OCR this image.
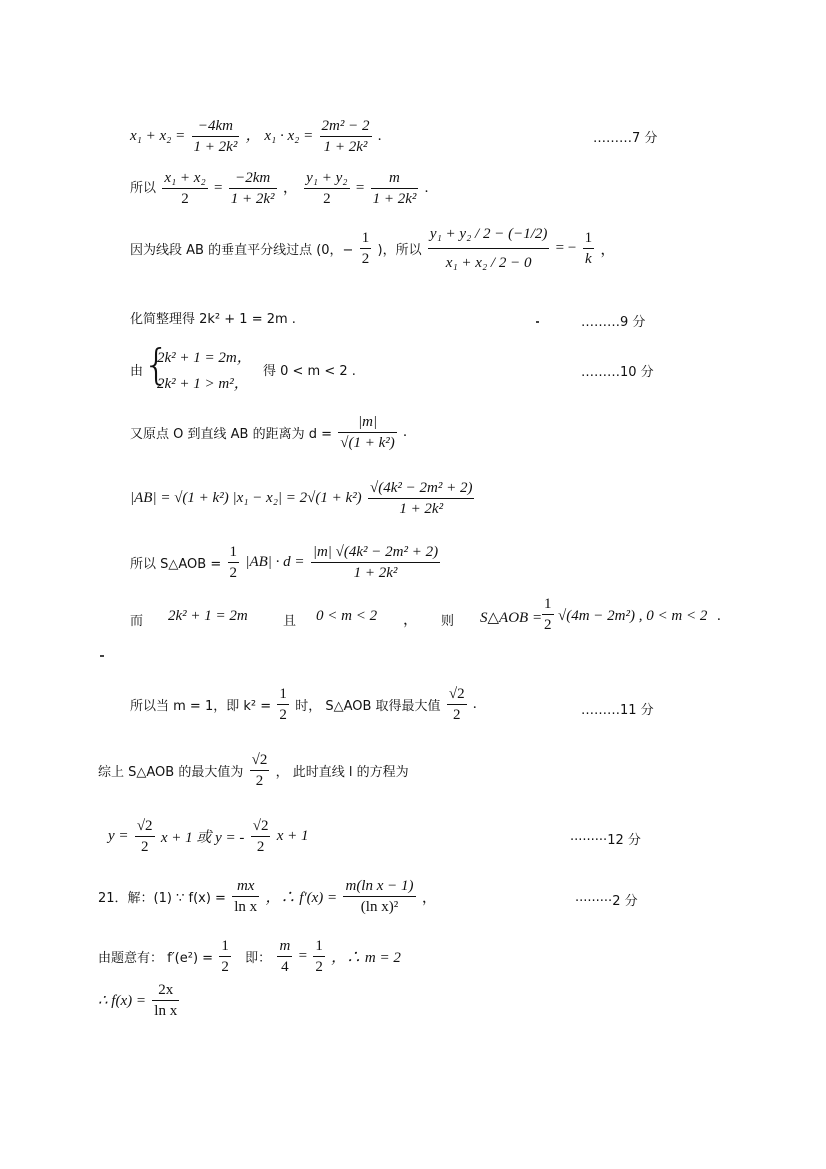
$x_1 + x_2 = \frac{-4km}{\text{1 + 2k²}}$ ， $x_1 \cdot x_2 = \frac{\text{2m² − 2}}{\text{1 + 2k²}}$ .	………7 分
所以 $\frac{\text{x₁ + x₂}}{2} = \frac{-2km}{\text{1 + 2k²}}$ ， $\frac{\text{y₁ + y₂}}{2} = \frac{m}{\text{1 + 2k²}}$ .
因为线段 AB 的垂直平分线过点 (0，− $\frac{1}{2}$ )，所以 $\frac{\text{y₁ + y₂ / 2 − (−1/2)}}{\text{x₁ + x₂ / 2 − 0}}$ = − $\frac{1}{k}$ ，
化简整理得 2k² + 1 = 2m .	………9 分
由 {
2k² + 1 = 2m，
2k² + 1 > m²，
得 0 < m < 2 .	………10 分
又原点 O 到直线 AB 的距离为 $d = \frac{|m|}{\text{√(1 + k²)}}$ .
|AB| = √(1 + k²) $|x_1 - x_2| = 2√(1 + k^2) \frac{\text{√(4k² − 2m² + 2)}}{\text{1 + 2k²}}$
所以 S△AOB = $\frac{1}{2} |AB| \cdot d = \frac{\text{|m| √(4k² − 2m² + 2)}}{\text{1 + 2k²}}$
而 2k² + 1 = 2m	且 0 < m < 2 ， 则 S△AOB = $\frac{1}{2} √(4m - 2m^2)$ , 0 < m < 2 .
所以当 m = 1，即 $k^2 = \frac{1}{2}$ 时， S△AOB 取得最大值 $\frac{√2}{2}$ .	………11 分
综上 S△AOB 的最大值为 $\frac{√2}{2}$ ， 此时直线 l 的方程为
$y = \frac{√2}{2}$ x + 1 或 y = - $\frac{√2}{2}$ x + 1	·········12 分
21．解：(1) ∵ $f(x) = \frac{mx}{\text{ln x}}$ ，∴ $f'(x) = \frac{\text{m(ln x − 1)}}{\text{(ln x)²}}$ ，	·········2 分
由题意有： $f'(e^2) = \frac{1}{2}$ 即： $\frac{m}{4} = \frac{1}{2}$ ，∴ m = 2
∴ $f(x) = \frac{2x}{\text{ln x}}$
